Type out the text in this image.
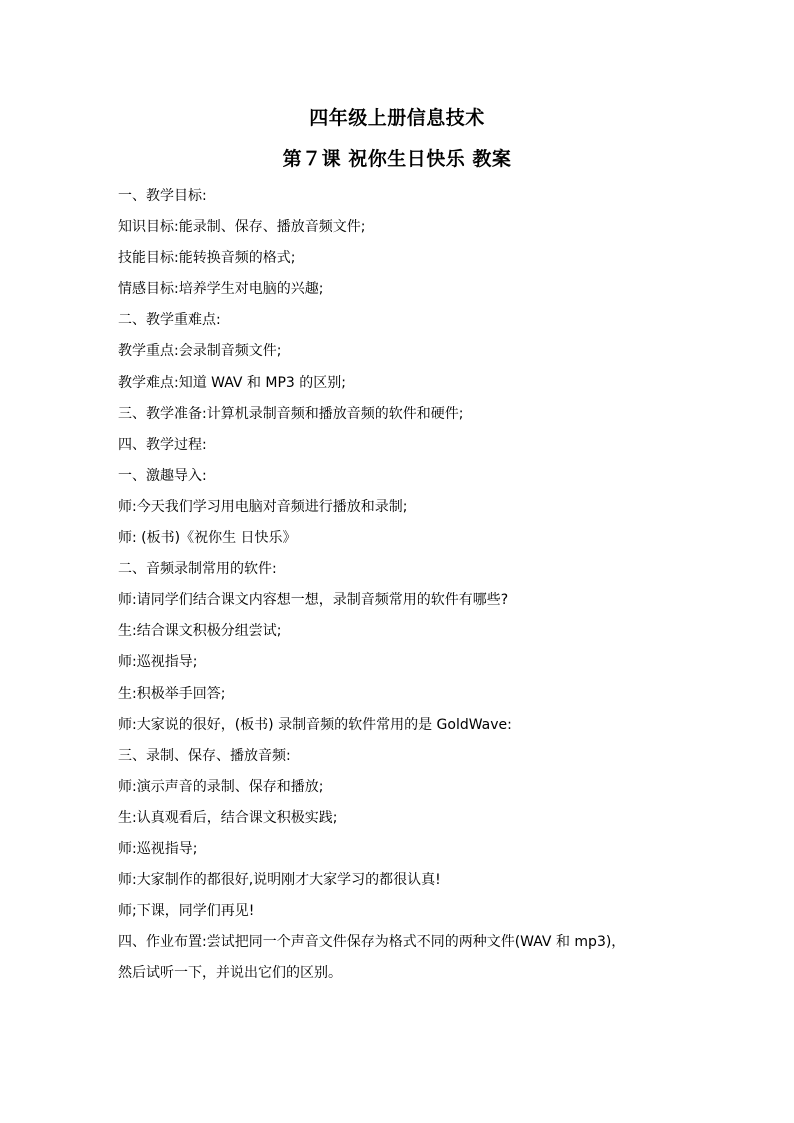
四年级上册信息技术
第７课 祝你生日快乐 教案
一、教学目标:
知识目标:能录制、保存、播放音频文件;
技能目标:能转换音频的格式;
情感目标:培养学生对电脑的兴趣;
二、教学重难点:
教学重点:会录制音频文件;
教学难点:知道 WAV 和 MP3 的区别;
三、教学准备:计算机录制音频和播放音频的软件和硬件;
四、教学过程:
一、激趣导入:
师:今天我们学习用电脑对音频进行播放和录制;
师: (板书)《祝你生 日快乐》
二、音频录制常用的软件:
师:请同学们结合课文内容想一想，录制音频常用的软件有哪些?
生:结合课文积极分组尝试;
师:巡视指导;
生:积极举手回答;
师:大家说的很好，(板书) 录制音频的软件常用的是 GoldWave:
三、录制、保存、播放音频:
师:演示声音的录制、保存和播放;
生:认真观看后，结合课文积极实践;
师:巡视指导;
师:大家制作的都很好,说明刚才大家学习的都很认真!
师;下课，同学们再见!
四、作业布置:尝试把同一个声音文件保存为格式不同的两种文件(WAV 和 mp3)，
然后试听一下，并说出它们的区别。
